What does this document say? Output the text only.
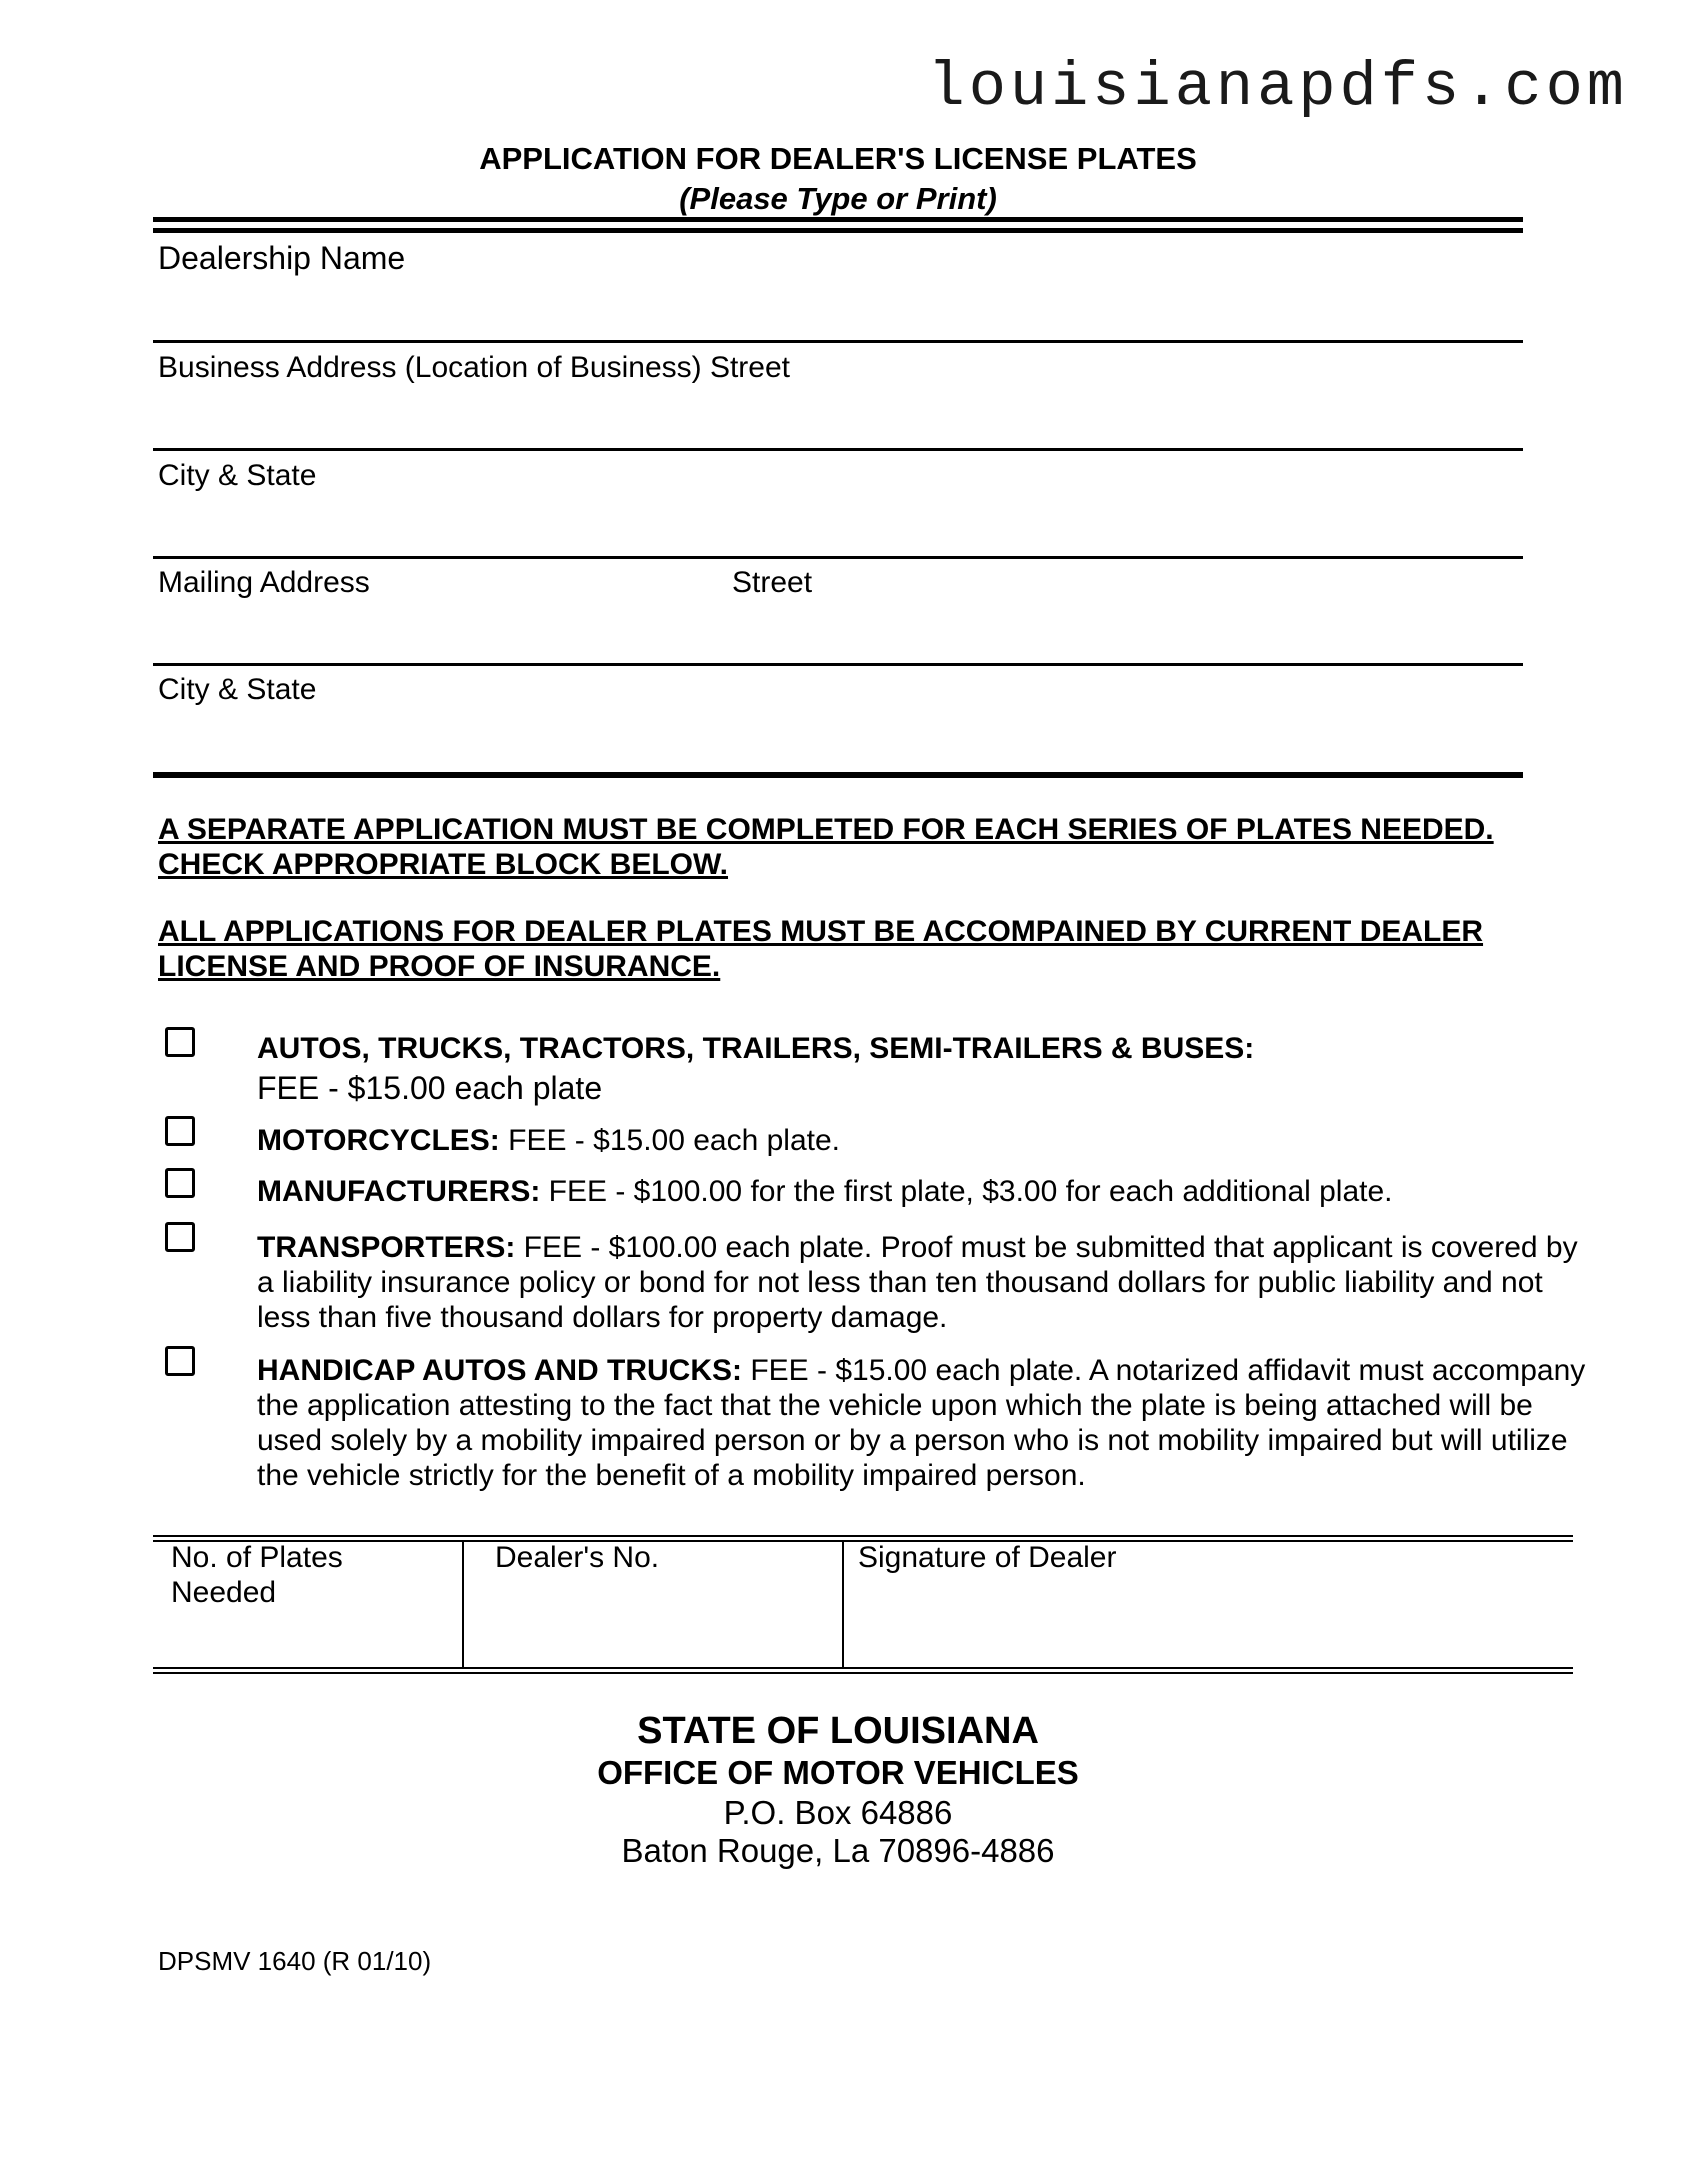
louisianapdfs.com
APPLICATION FOR DEALER'S LICENSE PLATES
(Please Type or Print)
Dealership Name
Business Address (Location of Business) Street
City & State
Mailing Address	Street
City & State
A SEPARATE APPLICATION MUST BE COMPLETED FOR EACH SERIES OF PLATES NEEDED. CHECK APPROPRIATE BLOCK BELOW.
ALL APPLICATIONS FOR DEALER PLATES MUST BE ACCOMPAINED BY CURRENT DEALER LICENSE AND PROOF OF INSURANCE.
AUTOS, TRUCKS, TRACTORS, TRAILERS, SEMI-TRAILERS & BUSES:
FEE - $15.00 each plate
MOTORCYCLES: FEE - $15.00 each plate.
MANUFACTURERS: FEE - $100.00 for the first plate, $3.00 for each additional plate.
TRANSPORTERS: FEE - $100.00 each plate. Proof must be submitted that applicant is covered by a liability insurance policy or bond for not less than ten thousand dollars for public liability and not less than five thousand dollars for property damage.
HANDICAP AUTOS AND TRUCKS: FEE - $15.00 each plate. A notarized affidavit must accompany the application attesting to the fact that the vehicle upon which the plate is being attached will be used solely by a mobility impaired person or by a person who is not mobility impaired but will utilize the vehicle strictly for the benefit of a mobility impaired person.
No. of Plates
Needed
Dealer's No.	Signature of Dealer
STATE OF LOUISIANA
OFFICE OF MOTOR VEHICLES
P.O. Box 64886
Baton Rouge, La 70896-4886
DPSMV 1640 (R 01/10)
